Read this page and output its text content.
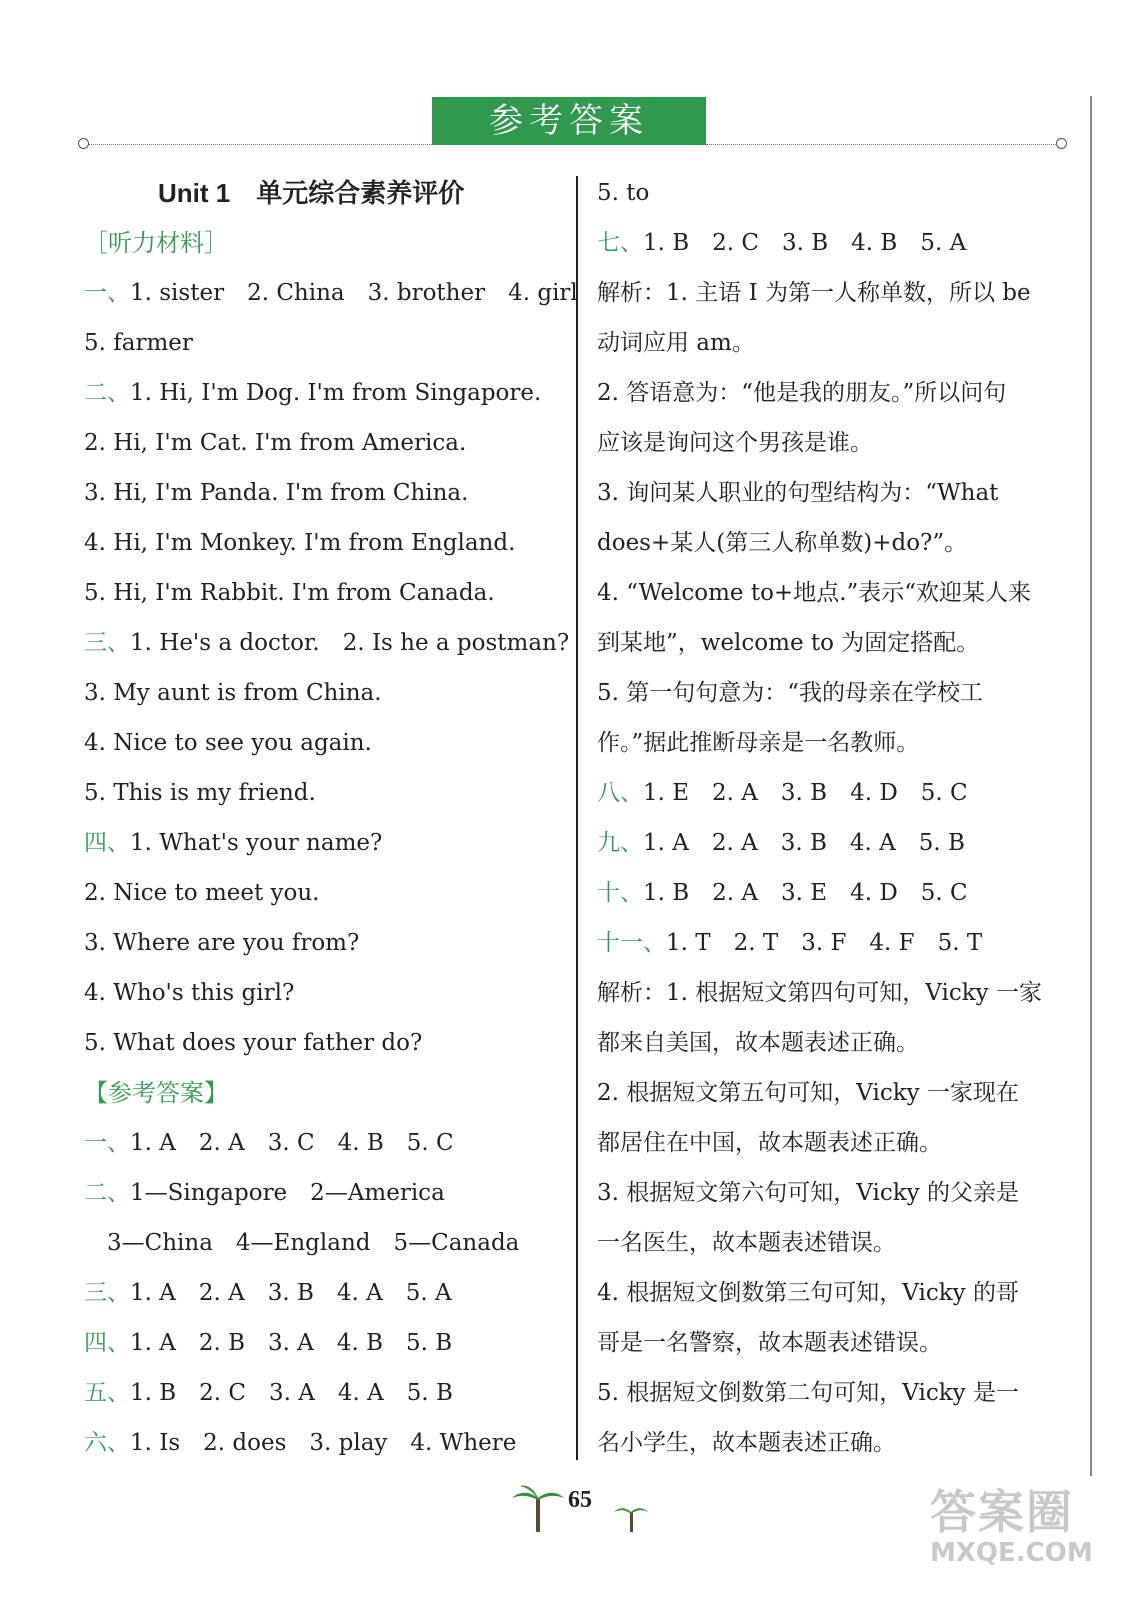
参考答案
Unit 1　单元综合素养评价
［听力材料］
一、1. sister　2. China　3. brother　4. girl
5. farmer
二、1. Hi, I'm Dog. I'm from Singapore.
2. Hi, I'm Cat. I'm from America.
3. Hi, I'm Panda. I'm from China.
4. Hi, I'm Monkey. I'm from England.
5. Hi, I'm Rabbit. I'm from Canada.
三、1. He's a doctor.　2. Is he a postman?
3. My aunt is from China.
4. Nice to see you again.
5. This is my friend.
四、1. What's your name?
2. Nice to meet you.
3. Where are you from?
4. Who's this girl?
5. What does your father do?
【参考答案】
一、1. A　2. A　3. C　4. B　5. C
二、1—Singapore　2—America
　3—China　4—England　5—Canada
三、1. A　2. A　3. B　4. A　5. A
四、1. A　2. B　3. A　4. B　5. B
五、1. B　2. C　3. A　4. A　5. B
六、1. Is　2. does　3. play　4. Where
5. to
七、1. B　2. C　3. B　4. B　5. A
解析：1. 主语 I 为第一人称单数，所以 be
动词应用 am。
2. 答语意为：“他是我的朋友。”所以问句
应该是询问这个男孩是谁。
3. 询问某人职业的句型结构为：“What
does+某人(第三人称单数)+do?”。
4. “Welcome to+地点.”表示“欢迎某人来
到某地”，welcome to 为固定搭配。
5. 第一句句意为：“我的母亲在学校工
作。”据此推断母亲是一名教师。
八、1. E　2. A　3. B　4. D　5. C
九、1. A　2. A　3. B　4. A　5. B
十、1. B　2. A　3. E　4. D　5. C
十一、1. T　2. T　3. F　4. F　5. T
解析：1. 根据短文第四句可知，Vicky 一家
都来自美国，故本题表述正确。
2. 根据短文第五句可知，Vicky 一家现在
都居住在中国，故本题表述正确。
3. 根据短文第六句可知，Vicky 的父亲是
一名医生，故本题表述错误。
4. 根据短文倒数第三句可知，Vicky 的哥
哥是一名警察，故本题表述错误。
5. 根据短文倒数第二句可知，Vicky 是一
名小学生，故本题表述正确。
65	答案圈
MXQE.COM
